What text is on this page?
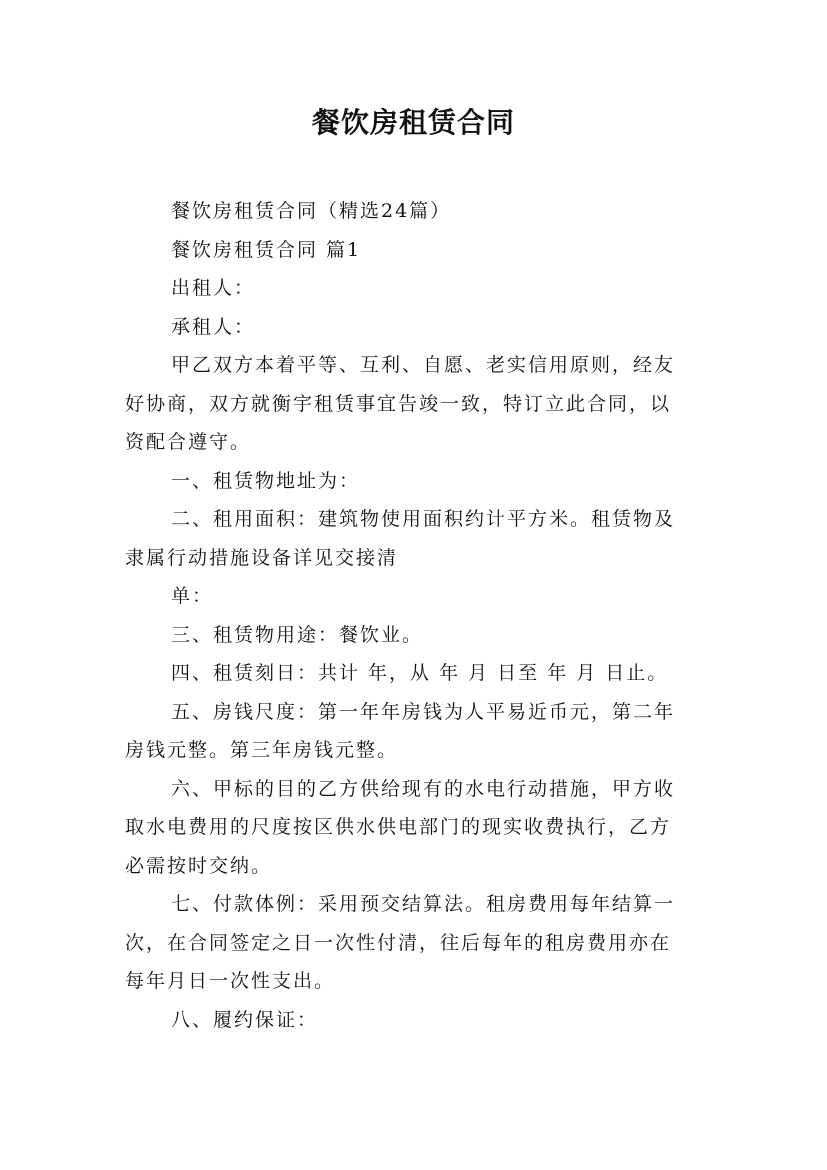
餐饮房租赁合同
餐饮房租赁合同（精选24篇）
餐饮房租赁合同 篇1
出租人：
承租人：
甲乙双方本着平等、互利、自愿、老实信用原则，经友
好协商，双方就衡宇租赁事宜告竣一致，特订立此合同，以
资配合遵守。
一、租赁物地址为：
二、租用面积：建筑物使用面积约计平方米。租赁物及
隶属行动措施设备详见交接清
单：
三、租赁物用途：餐饮业。
四、租赁刻日：共计 年，从 年 月 日至 年 月 日止。
五、房钱尺度：第一年年房钱为人平易近币元，第二年
房钱元整。第三年房钱元整。
六、甲标的目的乙方供给现有的水电行动措施，甲方收
取水电费用的尺度按区供水供电部门的现实收费执行，乙方
必需按时交纳。
七、付款体例：采用预交结算法。租房费用每年结算一
次，在合同签定之日一次性付清，往后每年的租房费用亦在
每年月日一次性支出。
八、履约保证：
